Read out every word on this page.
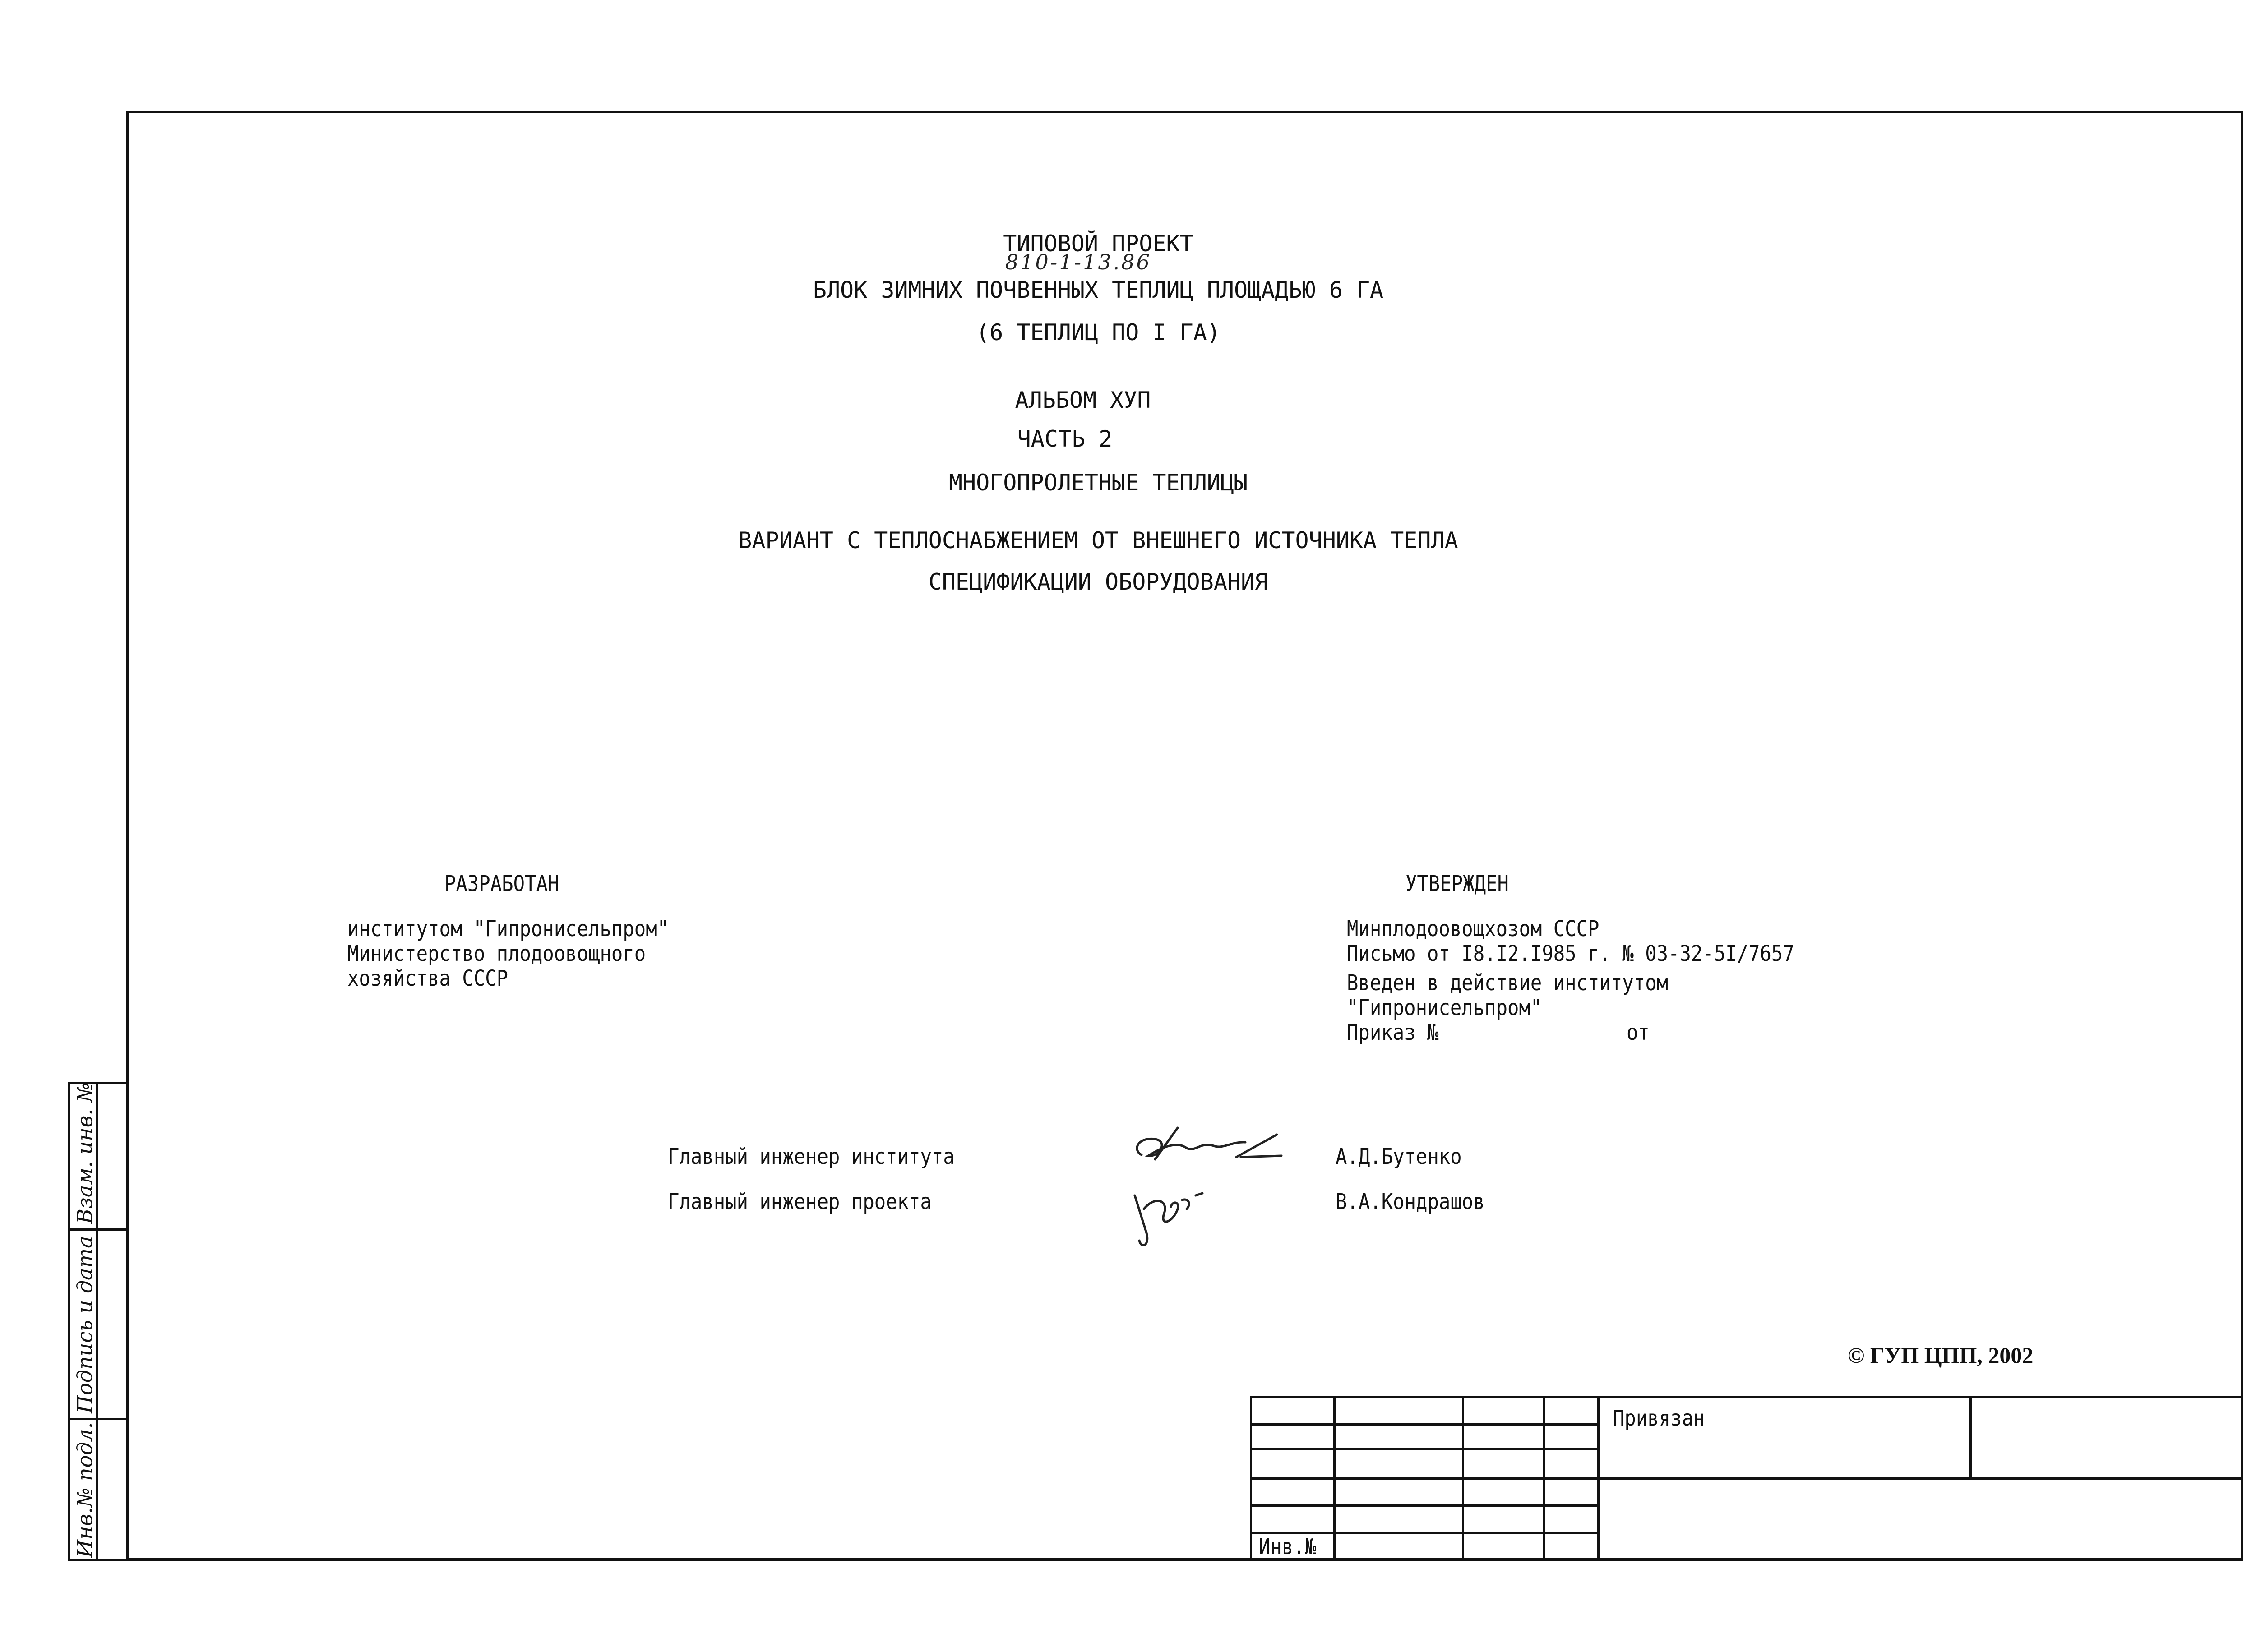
Взам. инв. №
Подпись и дата
Инв.№ подл.
ТИПОВОЙ ПРОЕКТ
810-1-13.86
БЛОК ЗИМНИХ ПОЧВЕННЫХ ТЕПЛИЦ ПЛОЩАДЬЮ 6 ГА
(6 ТЕПЛИЦ ПО I ГА)
АЛЬБОМ ХУП
ЧАСТЬ 2
МНОГОПРОЛЕТНЫЕ ТЕПЛИЦЫ
ВАРИАНТ С ТЕПЛОСНАБЖЕНИЕМ ОТ ВНЕШНЕГО ИСТОЧНИКА ТЕПЛА
СПЕЦИФИКАЦИИ ОБОРУДОВАНИЯ
РАЗРАБОТАН
институтом "Гипронисельпром"
Министерство плодоовощного
хозяйства СССР
УТВЕРЖДЕН
Минплодоовощхозом СССР
Письмо от I8.I2.I985 г. № 03-32-5I/7657
Введен в действие институтом
"Гипронисельпром"
Приказ №	от
Главный инженер института	А.Д.Бутенко
Главный инженер проекта	В.А.Кондрашов
© ГУП ЦПП, 2002
Привязан
Инв.№
